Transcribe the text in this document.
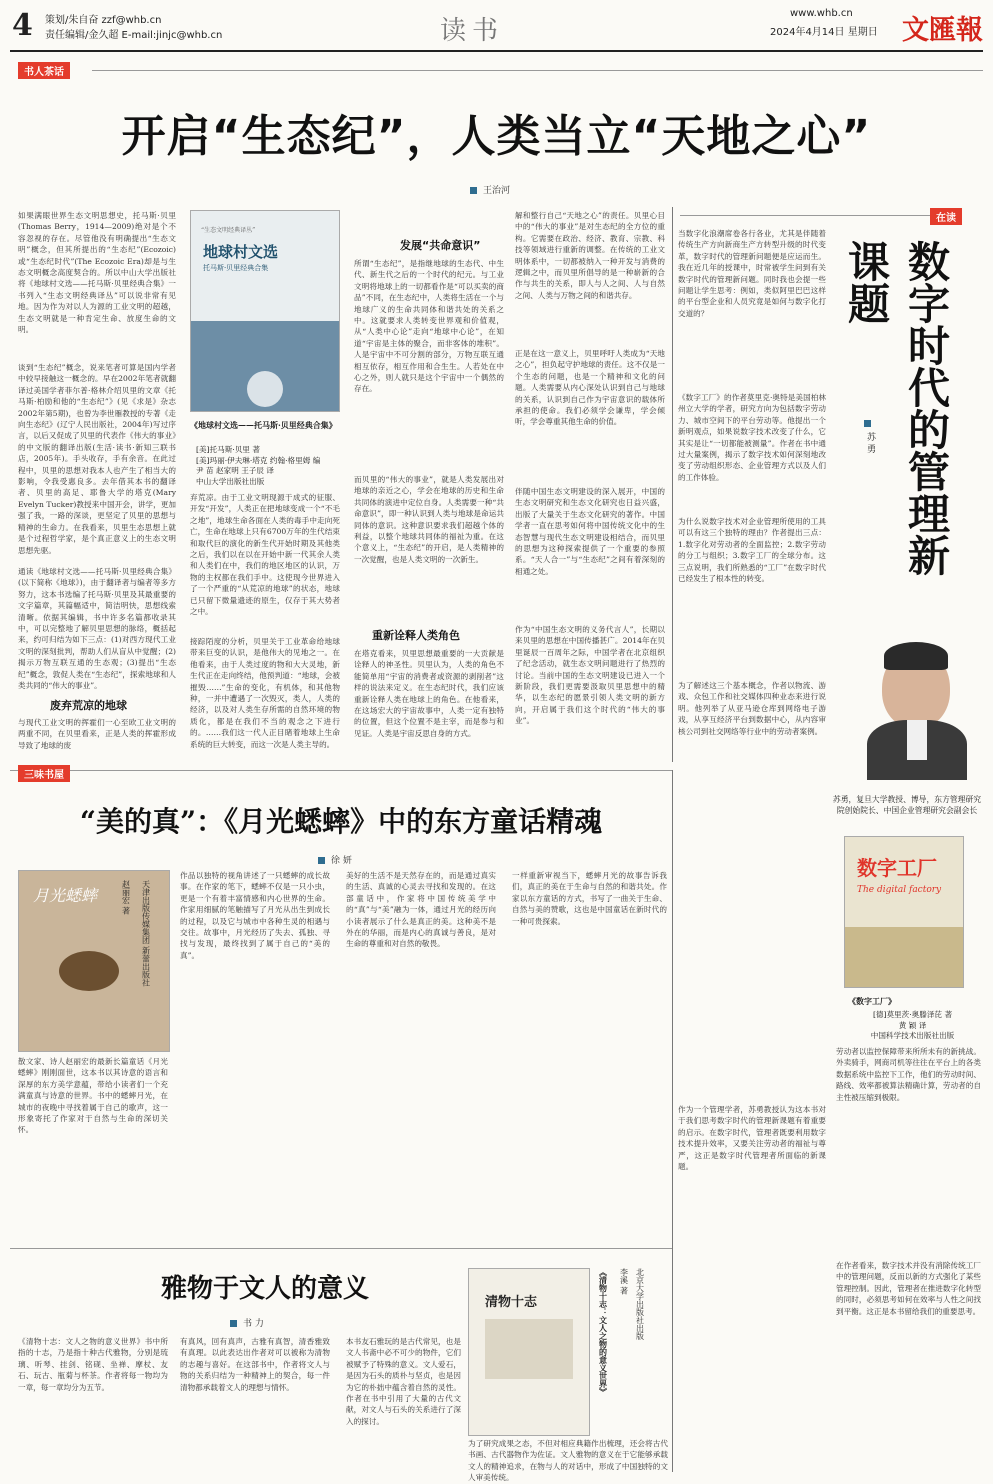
4 策划/朱自奋 zzf@whb.cn
责任编辑/金久超 E-mail:jinjc@whb.cn	读书
www.whb.cn
2024年4月14日 星期日 文匯報
书人茶话
开启“生态纪”，人类当立“天地之心”
王治河
如果满眼世界生态文明思想史，托马斯·贝里(Thomas Berry，1914—2009)绝对是个不容忽视的存在。尽管他没有明确提出“生态文明”概念，但其所提出的“生态纪”(Ecozoic)或“生态纪时代”(The Ecozoic Era)却是与生态文明概念高度契合的。所以中山大学出版社将《地球村文选——托马斯·贝里经典合集》一书列入“生态文明经典译丛”可以说非常有见地。因为作为对以人为源的工业文明的超越，生态文明就是一种肯定生命、放度生命的文明。
“生态文明经典译丛”
地球村文选
托马斯·贝里经典合集
《地球村文选——托马斯·贝里经典合集》
[美]托马斯·贝里 著
[美]玛丽·伊夫琳·塔克 约翰·格里姆 编
尹 苗 赵家明 王子辰 译
中山大学出版社出版
谈到“生态纪”概念，说来笔者可算是国内学者中较早接触这一概念的。早在2002年笔者就翻译过美国学者菲尔普·格林介绍贝里的文章《托马斯·柏励和他的“生态纪”》(见《求是》杂志2002年第5期)，也曾为李世雁教授的专著《走向生态纪》(辽宁人民出版社，2004年)写过序言，以后又促成了贝里的代表作《伟大的事业》的中文版的翻译出版(生活·读书·新知三联书店，2005年)。手头收存，手有余音。在此过程中，贝里的思想对我本人也产生了相当大的影响，令我受惠良多。去年借其本书的翻译者、贝里的高足、耶鲁大学的塔克(Mary Evelyn Tucker)教授来中国开会，讲学，更加强了我，一路的深谈，更坚定了贝里的思想与精神的生命力。在我看来，贝里生态思想上就是个过程哲学家，是个真正意义上的生态文明思想先驱。
通读《地球村文选——托马斯·贝里经典合集》(以下简称《地球》)，由于翻译者与编者等多方努力，这本书选编了托马斯·贝里及其最重要的文字篇章，其篇幅适中，简洁明快，思想线索清晰。依据其编辑，书中许多名篇都收录其中，可以完整地了解贝里思想的脉络，概括起来，约可归结为如下三点：(1)对西方现代工业文明的深刻批判，帮助人们从盲从中觉醒；(2)揭示万物互联互通的生态观；(3)提出“生态纪”概念，敦促人类在“生态纪”，探索地球和人类共同的“伟大的事业”。
废弃荒凉的地球
与现代工业文明的挥霍们一心至欧工业文明的两重不同，在贝里看来，正是人类的挥霍形成导致了地球的废
弃荒凉。由于工业文明现源于成式的征服、开发“开发”，人类正在把地球变成一个“不毛之地”，地球生命各面在人类的毒手中走向死亡，生命在地球上只有6700万年的生代结束和取代巨的演化的新生代开始时期及其他类之后，我们以在以在开始中新一代其余人类和人类们在中，我们的地区地区的认识，万物的主权都在我们手中。这使现今世界进入了一个严重的“从荒凉的地球”的状态，地球已只留下微量遗迹的原生，仅存于其大势者之中。
接踪陌度的分析，贝里关于工业革命给地球带来巨变的认识，是他伟大的见地之一。在他看来，由于人类过度的物和大大灵地，新生代正在走向终结，他预判道：“地球，会被摧毁……”生命的变化，有机体，和其他物种，一并中遭遇了一次毁灭，类人，人类的经济，以及对人类生存所需的自然环境的物质化，都是在我们不当的观念之下进行的。……我们这一代人正目睹着地球上生命系统的巨大转变，而这一次是人类主导的。
发展“共命意识”
所谓“生态纪”，是指继地球的生态代、中生代、新生代之后的一个时代的纪元。与工业文明将地球上的一切都看作是“可以买卖的商品”不同，在生态纪中，人类将生活在一个与地球广义的生命共同体和谐共处的关系之中。这就要求人类转变世界观和价值观，从“人类中心论”走向“地球中心论”，在知道“宇宙是主体的聚合，而非客体的堆积”。人是宇宙中不可分割的部分，万物互联互通相互依存，相互作用和合生生。人若处在中心之外，则人就只是这个宇宙中一个偶然的存在。
而贝里的“伟大的事业”，就是人类发展出对地球的亲近之心，学会在地球的历史和生命共同体的演进中定位自身。人类需要一种“共命意识”，即一种认识到人类与地球是命运共同体的意识。这种意识要求我们超越个体的利益，以整个地球共同体的福祉为重。在这个意义上，“生态纪”的开启，是人类精神的一次觉醒，也是人类文明的一次新生。
重新诠释人类角色
在塔克看来，贝里思想最重要的一大贡献是诠释人的神圣性。贝里认为，人类的角色不能简单用“宇宙的消费者或资源的剥削者”这样的说法来定义。在生态纪时代，我们应该重新诠释人类在地球上的角色。在他看来，在这场宏大的宇宙故事中，人类一定有独特的位置，但这个位置不是主宰，而是参与和见证。人类是宇宙反思自身的方式。
解和整行自己“天地之心”的责任。贝里心目中的“伟大的事业”是对生态纪的全方位的重构。它需要在政治、经济、教育、宗教、科技等领域进行重新的调整。在传统的工业文明体系中，一切都被纳入一种开发与消费的逻辑之中，而贝里所倡导的是一种崭新的合作与共生的关系，即人与人之间、人与自然之间、人类与万物之间的和谐共存。
正是在这一意义上，贝里呼吁人类成为“天地之心”，担负起守护地球的责任。这不仅是一个生态的问题，也是一个精神和文化的问题。人类需要从内心深处认识到自己与地球的关系，认识到自己作为宇宙意识的载体所承担的使命。我们必须学会谦卑，学会倾听，学会尊重其他生命的价值。
伴随中国生态文明建设的深入展开，中国的生态文明研究和生态文化研究也日益兴盛，出版了大量关于生态文化研究的著作。中国学者一直在思考如何将中国传统文化中的生态智慧与现代生态文明建设相结合，而贝里的思想为这种探索提供了一个重要的参照系。“天人合一”与“生态纪”之间有着深刻的相通之处。
作为“中国生态文明的义务代言人”，长期以来贝里的思想在中国传播甚广。2014年在贝里诞辰一百周年之际，中国学者在北京组织了纪念活动，就生态文明问题进行了热烈的讨论。当前中国的生态文明建设已进入一个新阶段，我们更需要汲取贝里思想中的精华，以生态纪的愿景引领人类文明的新方向，开启属于我们这个时代的“伟大的事业”。
在读
当数字化浪潮席卷各行各业，尤其是伴随着传统生产方向新商生产方转型升级的时代变革，数字时代的管理新问题便是应运而生。我在近几年的授课中，时常被学生问到有关数字时代的管理新问题。同时我也会提一些问题让学生思考：例如，类似阿里巴巴这样的平台型企业和人员究竟是如何与数字化打交道的？	数字时代的管理新课题
苏 勇
《数字工厂》的作者莫里克·奥特是美国柏林州立大学的学者，研究方向为包括数字劳动力、城市空间下的平台劳动等。他提出一个新明观点，如果说数字技术改变了什么，它其实是让“一切都能被测量”。作者在书中通过大量案例，揭示了数字技术如何深刻地改变了劳动组织形态、企业管理方式以及人们的工作体验。
为什么说数字技术对企业管理所使用的工具可以有这三个独特的理由？作者提出三点：1.数字化对劳动者的全面监控；2.数字劳动的分工与组织；3.数字工厂的全球分布。这三点说明，我们所熟悉的“工厂”在数字时代已经发生了根本性的转变。
苏勇，复旦大学教授、博导，东方管理研究院创始院长、中国企业管理研究会副会长
为了解述这三个基本概念，作者以物流、游戏、众包工作和社交媒体四种业态来进行说明。他列举了从亚马逊仓库到网络电子游戏，从享互经济平台到数据中心，从内容审核公司到社交网络等行业中的劳动者案例。
数字工厂
The digital factory
《数字工厂》
[德]莫里茨·奥滕泽芘 著
黄 颖 译
中国科学技术出版社出版
作为一个管理学者，苏勇教授认为这本书对于我们思考数字时代的管理新课题有着重要的启示。在数字时代，管理者既要利用数字技术提升效率，又要关注劳动者的福祉与尊严，这正是数字时代管理者所面临的新课题。
劳动者以监控保障带来所所未有的新挑战。外卖骑手，网商司机等往往在平台上的各类数据系统中监控下工作，他们的劳动时间、路线、效率都被算法精确计算，劳动者的自主性被压缩到极限。
在作者看来，数字技术并没有消除传统工厂中的管理问题，反而以新的方式强化了某些管理控制。因此，管理者在推进数字化转型的同时，必须思考如何在效率与人性之间找到平衡。这正是本书留给我们的重要思考。
三味书屋
“美的真”：《月光蟋蟀》中的东方童话精魂
徐 妍
月光蟋蟀	赵丽宏 著 天津出版传媒集团 新蕾出版社
散文家、诗人赵丽宏的最新长篇童话《月光蟋蟀》刚刚面世，这本书以其诗意的语言和深厚的东方美学意蕴，带给小读者们一个充满童真与诗意的世界。书中的蟋蟀月光，在城市的夜晚中寻找着属于自己的歌声，这一形象寄托了作家对于自然与生命的深切关怀。
作品以独特的视角讲述了一只蟋蟀的成长故事。在作家的笔下，蟋蟀不仅是一只小虫，更是一个有着丰富情感和内心世界的生命。作家用细腻的笔触描写了月光从出生到成长的过程，以及它与城市中各种生灵的相遇与交往。故事中，月光经历了失去、孤独、寻找与发现，最终找到了属于自己的“美的真”。
美好的生活不是天然存在的，而是通过真实的生活、真诚的心灵去寻找和发现的。在这部童话中，作家将中国传统美学中的“真”与“美”融为一体，通过月光的经历向小读者展示了什么是真正的美。这种美不是外在的华丽，而是内心的真诚与善良，是对生命的尊重和对自然的敬畏。
一样重新审视当下，蟋蟀月光的故事告诉我们，真正的美在于生命与自然的和谐共处。作家以东方童话的方式，书写了一曲关于生命、自然与美的赞歌，这也是中国童话在新时代的一种可贵探索。
雅物于文人的意义
书 力
清物十志	《清物十志：文人之物的意义世界》 李溪 著 北京大学出版社出版
《清物十志：文人之物的意义世界》书中所指的十志，乃是指十种古代雅物，分别是琉璃、听琴、挂剑、铭砚、坐禅、摩杖、友石、玩古、瓶菊与杯茶。作者将每一物均为一章，每一章均分为五节。
有真风，回有真声，古雅有真智，清香雅致有真理。以此表达出作者对可以被称为清物的志趣与喜好。在这部书中，作者将文人与物的关系归结为一种精神上的契合，每一件清物都承载着文人的理想与情怀。
本书友石雅玩的是古代常见，也是文人书斋中必不可少的物件，它们被赋予了特殊的意义。文人爱石，是因为石头的质朴与坚贞，也是因为它的朴拙中蕴含着自然的灵性。作者在书中引用了大量的古代文献，对文人与石头的关系进行了深入的探讨。
为了研究成果之态，不但对相应典籍作出梳理，还会将古代书画、古代器物作为佐证。文人雅物的意义在于它能够承载文人的精神追求，在物与人的对话中，形成了中国独特的文人审美传统。
